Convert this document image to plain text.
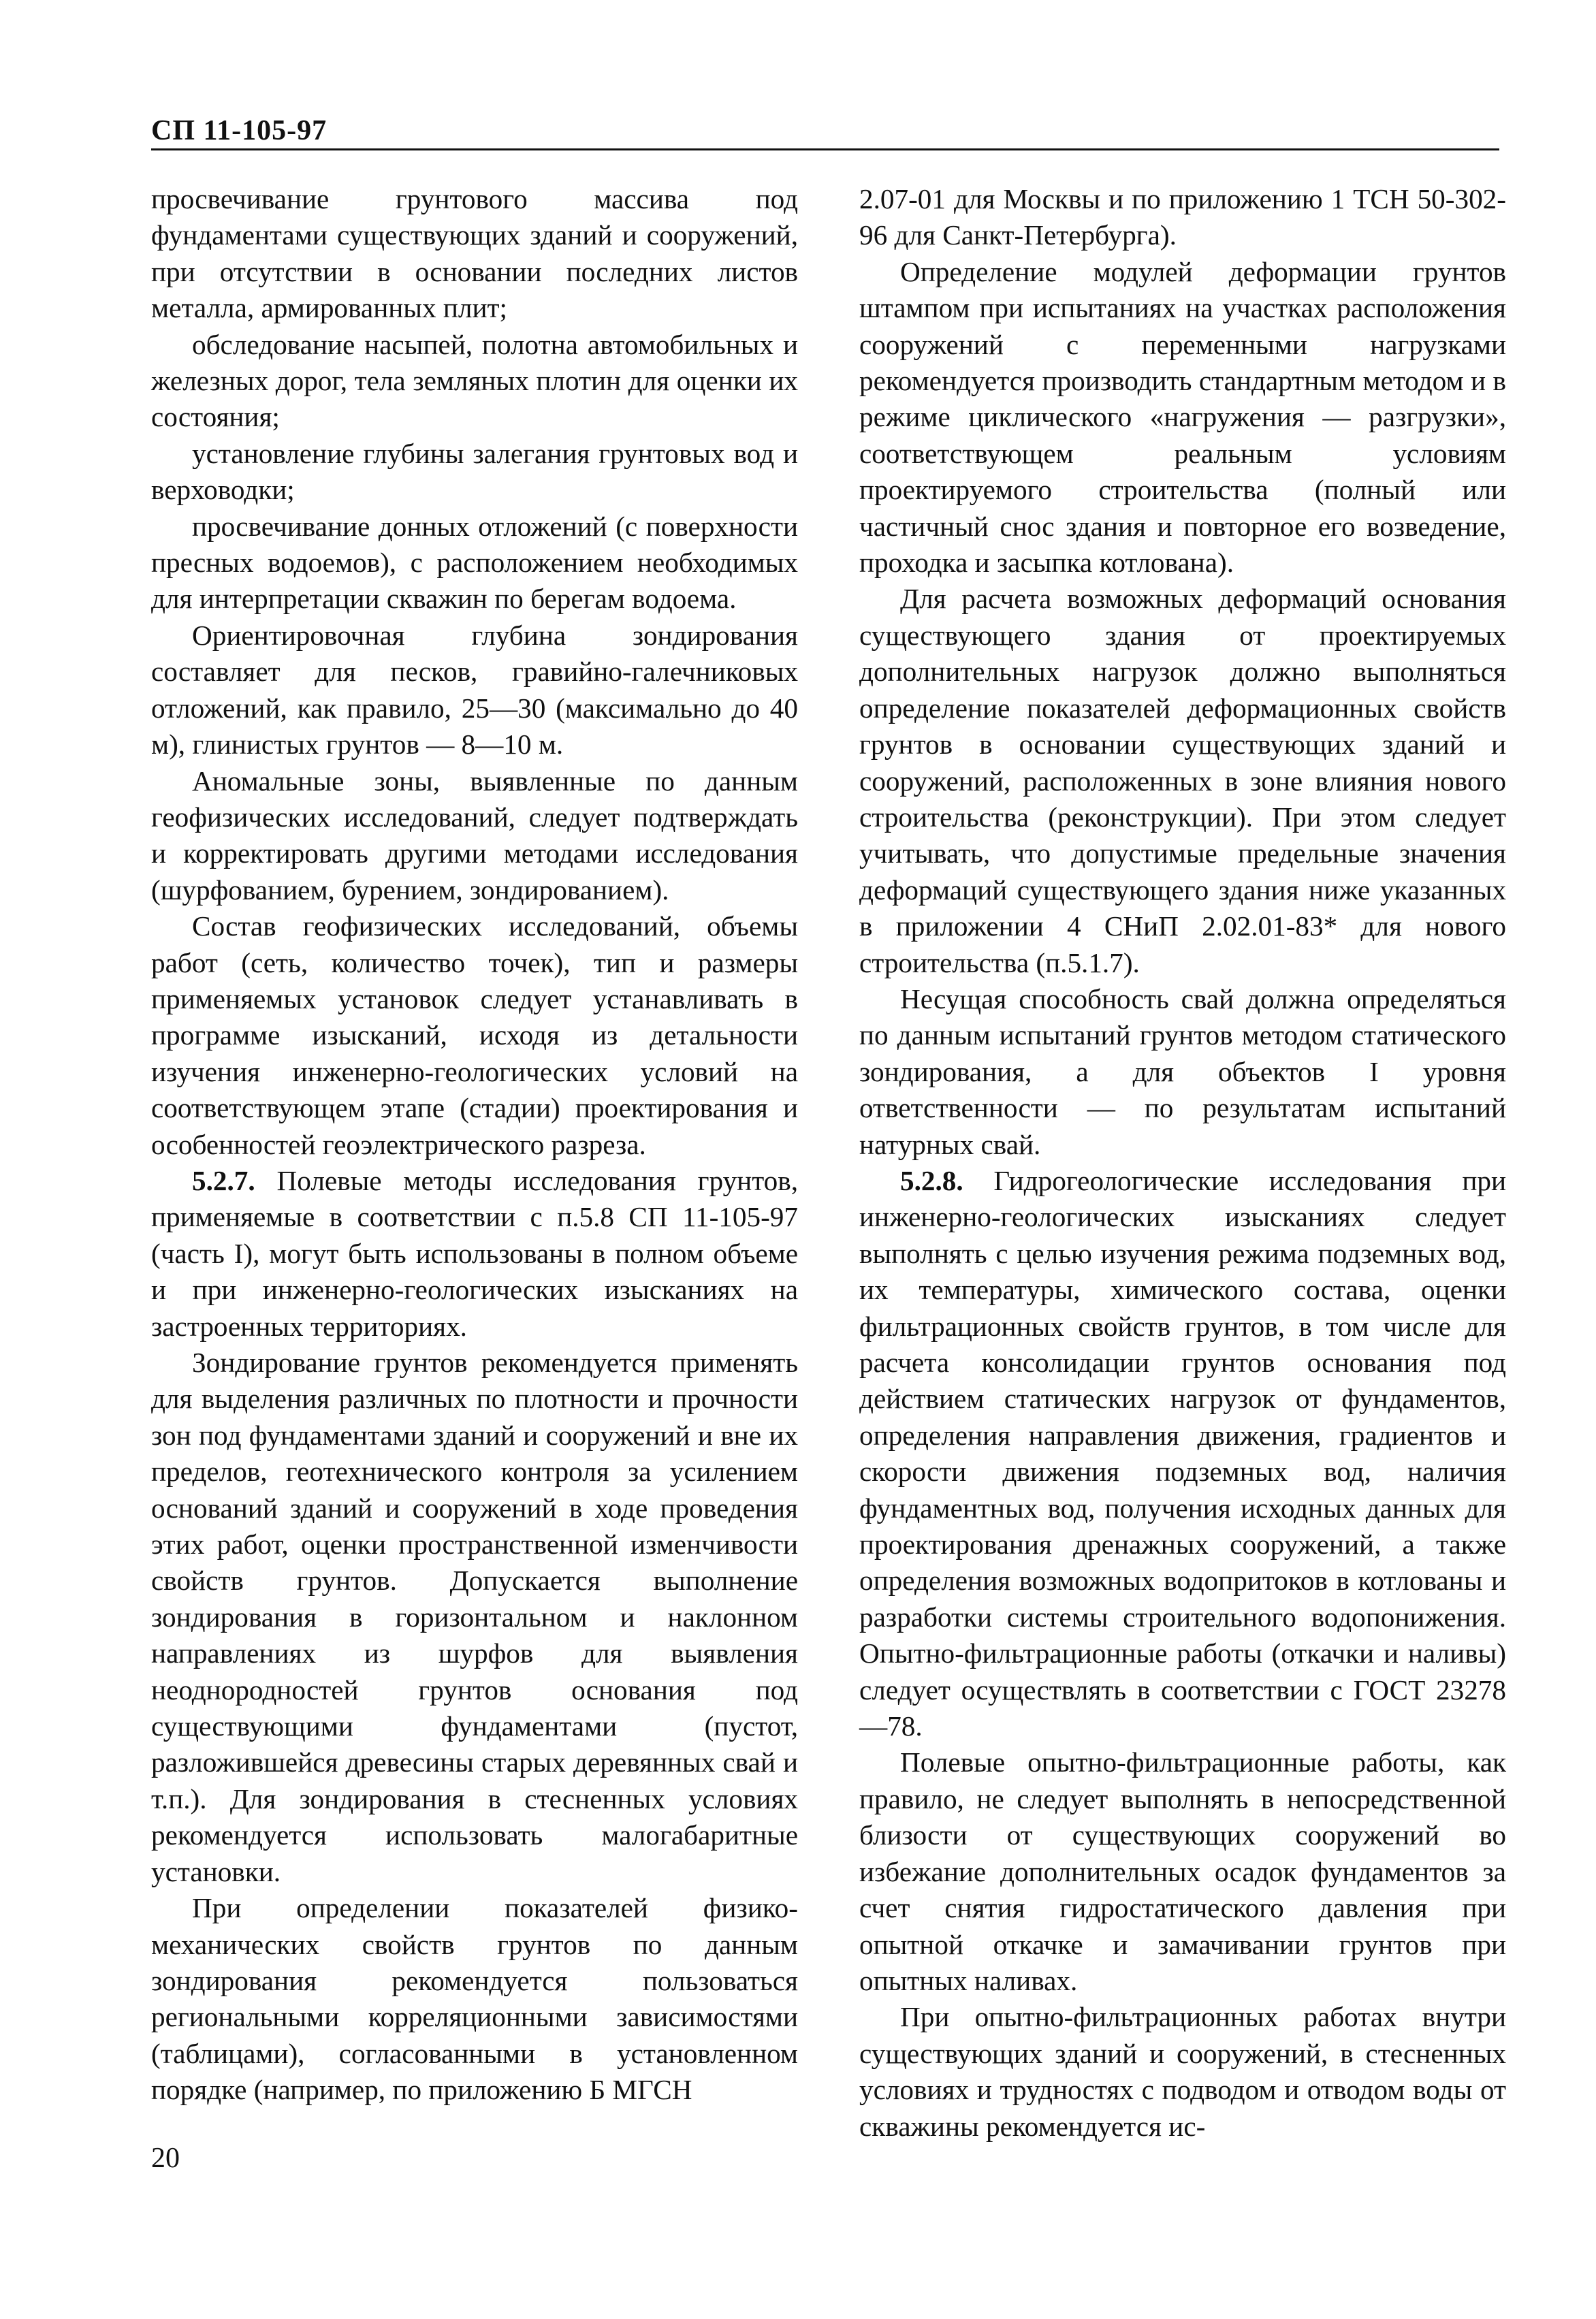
СП 11-105-97

просвечивание грунтового массива под фундаментами существующих зданий и сооружений, при отсутствии в основании последних листов металла, армированных плит;

обследование насыпей, полотна автомобильных и железных дорог, тела земляных плотин для оценки их состояния;

установление глубины залегания грунтовых вод и верховодки;

просвечивание донных отложений (с поверхности пресных водоемов), с расположением необходимых для интерпретации скважин по берегам водоема.

Ориентировочная глубина зондирования составляет для песков, гравийно-галечниковых отложений, как правило, 25—30 (максимально до 40 м), глинистых грунтов — 8—10 м.

Аномальные зоны, выявленные по данным геофизических исследований, следует подтверждать и корректировать другими методами исследования (шурфованием, бурением, зондированием).

Состав геофизических исследований, объемы работ (сеть, количество точек), тип и размеры применяемых установок следует устанавливать в программе изысканий, исходя из детальности изучения инженерно-геологических условий на соответствующем этапе (стадии) проектирования и особенностей геоэлектрического разреза.

5.2.7. Полевые методы исследования грунтов, применяемые в соответствии с п.5.8 СП 11-105-97 (часть I), могут быть использованы в полном объеме и при инженерно-геологических изысканиях на застроенных территориях.

Зондирование грунтов рекомендуется применять для выделения различных по плотности и прочности зон под фундаментами зданий и сооружений и вне их пределов, геотехнического контроля за усилением оснований зданий и сооружений в ходе проведения этих работ, оценки пространственной изменчивости свойств грунтов. Допускается выполнение зондирования в горизонтальном и наклонном направлениях из шурфов для выявления неоднородностей грунтов основания под существующими фундаментами (пустот, разложившейся древесины старых деревянных свай и т.п.). Для зондирования в стесненных условиях рекомендуется использовать малогабаритные установки.

При определении показателей физико-механических свойств грунтов по данным зондирования рекомендуется пользоваться региональными корреляционными зависимостями (таблицами), согласованными в установленном порядке (например, по приложению Б МГСН

2.07-01 для Москвы и по приложению 1 ТСН 50-302-96 для Санкт-Петербурга).

Определение модулей деформации грунтов штампом при испытаниях на участках расположения сооружений с переменными нагрузками рекомендуется производить стандартным методом и в режиме циклического «нагружения — разгрузки», соответствующем реальным условиям проектируемого строительства (полный или частичный снос здания и повторное его возведение, проходка и засыпка котлована).

Для расчета возможных деформаций основания существующего здания от проектируемых дополнительных нагрузок должно выполняться определение показателей деформационных свойств грунтов в основании существующих зданий и сооружений, расположенных в зоне влияния нового строительства (реконструкции). При этом следует учитывать, что допустимые предельные значения деформаций существующего здания ниже указанных в приложении 4 СНиП 2.02.01-83* для нового строительства (п.5.1.7).

Несущая способность свай должна определяться по данным испытаний грунтов методом статического зондирования, а для объектов I уровня ответственности — по результатам испытаний натурных свай.

5.2.8. Гидрогеологические исследования при инженерно-геологических изысканиях следует выполнять с целью изучения режима подземных вод, их температуры, химического состава, оценки фильтрационных свойств грунтов, в том числе для расчета консолидации грунтов основания под действием статических нагрузок от фундаментов, определения направления движения, градиентов и скорости движения подземных вод, наличия фундаментных вод, получения исходных данных для проектирования дренажных сооружений, а также определения возможных водопритоков в котлованы и разработки системы строительного водопонижения. Опытно-фильтрационные работы (откачки и наливы) следует осуществлять в соответствии с ГОСТ 23278—78.

Полевые опытно-фильтрационные работы, как правило, не следует выполнять в непосредственной близости от существующих сооружений во избежание дополнительных осадок фундаментов за счет снятия гидростатического давления при опытной откачке и замачивании грунтов при опытных наливах.

При опытно-фильтрационных работах внутри существующих зданий и сооружений, в стесненных условиях и трудностях с подводом и отводом воды от скважины рекомендуется ис-

20
